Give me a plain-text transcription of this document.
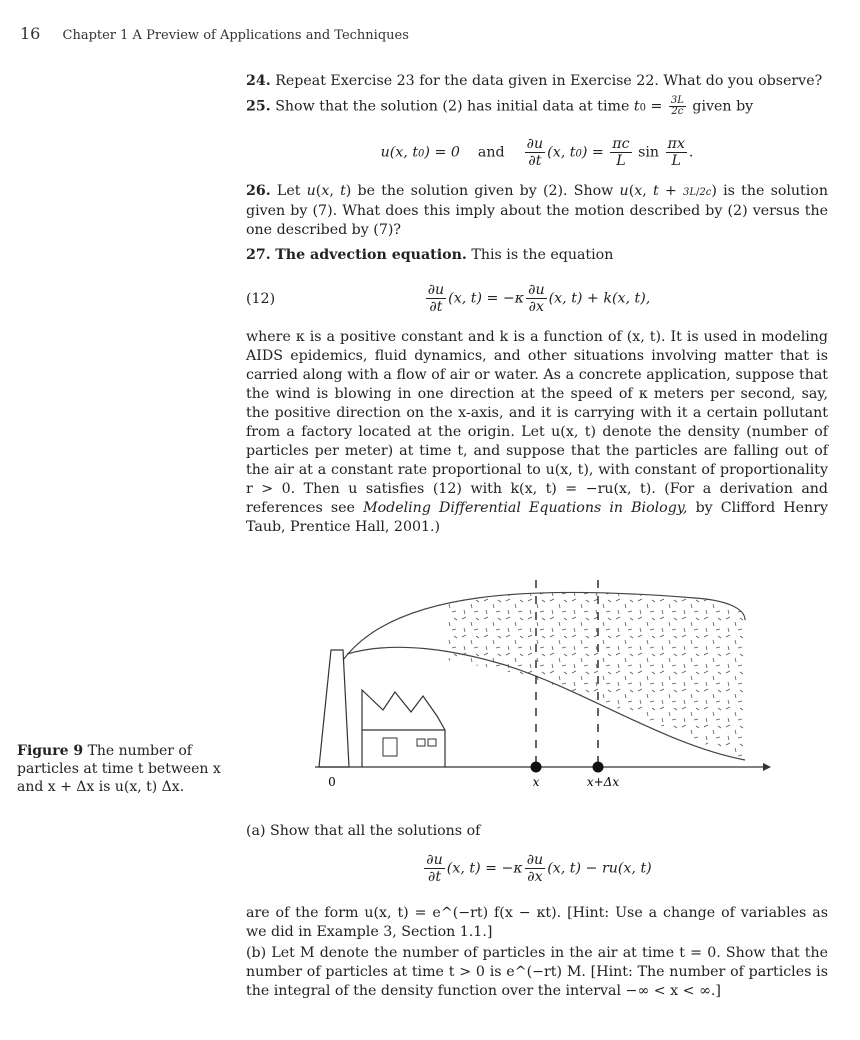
16 Chapter 1 A Preview of Applications and Techniques

24. Repeat Exercise 23 for the data given in Exercise 22. What do you observe?

25. Show that the solution (2) has initial data at time $t0 = \frac{3L}{2c}$ given by

u(x, t0) = 0    and $\frac{\partial u}{\partial t} (x$, $t0) = \frac{\pi c}{L}$ $\sin \frac{\pi x}{L}$ .

26. Let u(x, t) be the solution given by (2). Show u(x, t + 3L/2c) is the solution given by (7). What does this imply about the motion described by (2) versus the one described by (7)?

27. The advection equation. This is the equation

(12)	$\frac{\partial u}{\partial t} (x$, $t) = -\kappa \frac{\partial u}{\partial x} (x$, t) + k(x, t),

where κ is a positive constant and k is a function of (x, t). It is used in modeling AIDS epidemics, fluid dynamics, and other situations involving matter that is carried along with a flow of air or water. As a concrete application, suppose that the wind is blowing in one direction at the speed of κ meters per second, say, the positive direction on the x-axis, and it is carrying with it a certain pollutant from a factory located at the origin. Let u(x, t) denote the density (number of particles per meter) at time t, and suppose that the particles are falling out of the air at a constant rate proportional to u(x, t), with constant of proportionality r > 0. Then u satisfies (12) with k(x, t) = −ru(x, t). (For a derivation and references see Modeling Differential Equations in Biology, by Clifford Henry Taub, Prentice Hall, 2001.)

Figure 9 The number of particles at time t between x and x + Δx is u(x, t) Δx.	0	x	x+Δx

(a) Show that all the solutions of

$\frac{\partial u}{\partial t} (x$, $t) = -\kappa \frac{\partial u}{\partial x} (x$, t) − ru(x, t)

are of the form u(x, t) = e^(−rt) f(x − κt). [Hint: Use a change of variables as we did in Example 3, Section 1.1.]

(b) Let M denote the number of particles in the air at time t = 0. Show that the number of particles at time t > 0 is e^(−rt) M. [Hint: The number of particles is the integral of the density function over the interval −∞ < x < ∞.]
